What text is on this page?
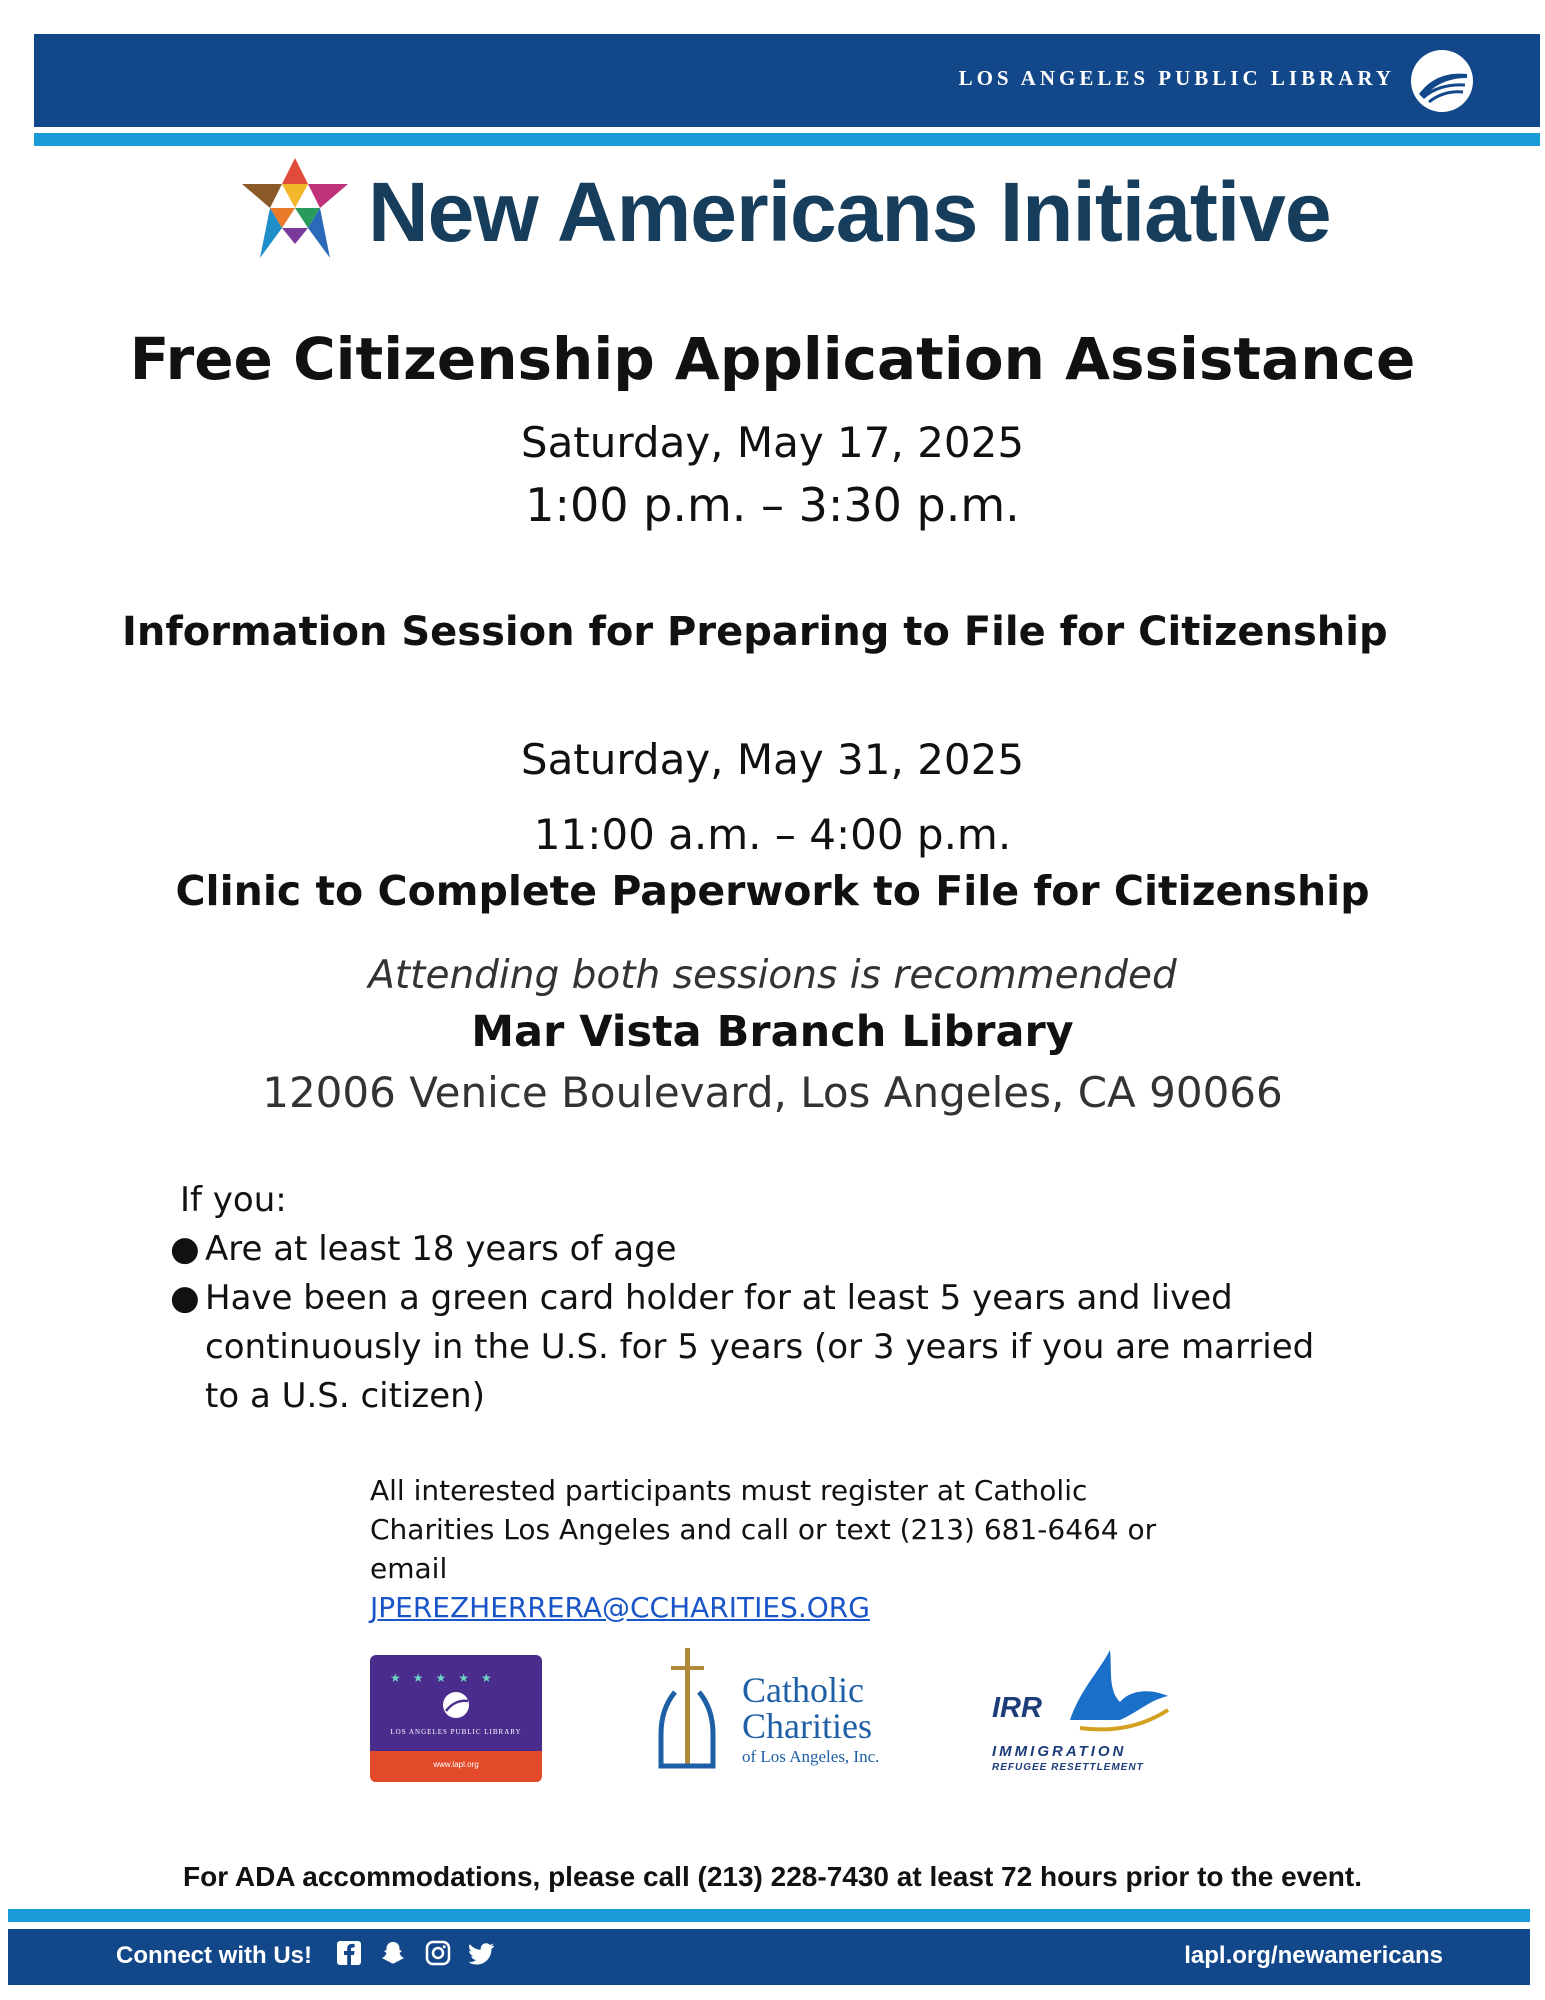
LOS ANGELES PUBLIC LIBRARY
New Americans Initiative
Free Citizenship Application Assistance
Saturday, May 17, 2025
1:00 p.m. – 3:30 p.m.
Information Session for Preparing to File for Citizenship
Saturday, May 31, 2025
11:00 a.m. – 4:00 p.m.
Clinic to Complete Paperwork to File for Citizenship
Attending both sessions is recommended
Mar Vista Branch Library
12006 Venice Boulevard, Los Angeles, CA 90066
If you:
● Are at least 18 years of age
● Have been a green card holder for at least 5 years and lived continuously in the U.S. for 5 years (or 3 years if you are married to a U.S. citizen)
All interested participants must register at Catholic Charities Los Angeles and call or text (213) 681-6464 or email
JPEREZHERRERA@CCHARITIES.ORG
★★★★★
LOS ANGELES PUBLIC LIBRARY
www.lapl.org
Catholic
Charities
of Los Angeles, Inc.
IRR
IMMIGRATION
REFUGEE RESETTLEMENT
For ADA accommodations, please call (213) 228-7430 at least 72 hours prior to the event.
Connect with Us!
	lapl.org/newamericans
